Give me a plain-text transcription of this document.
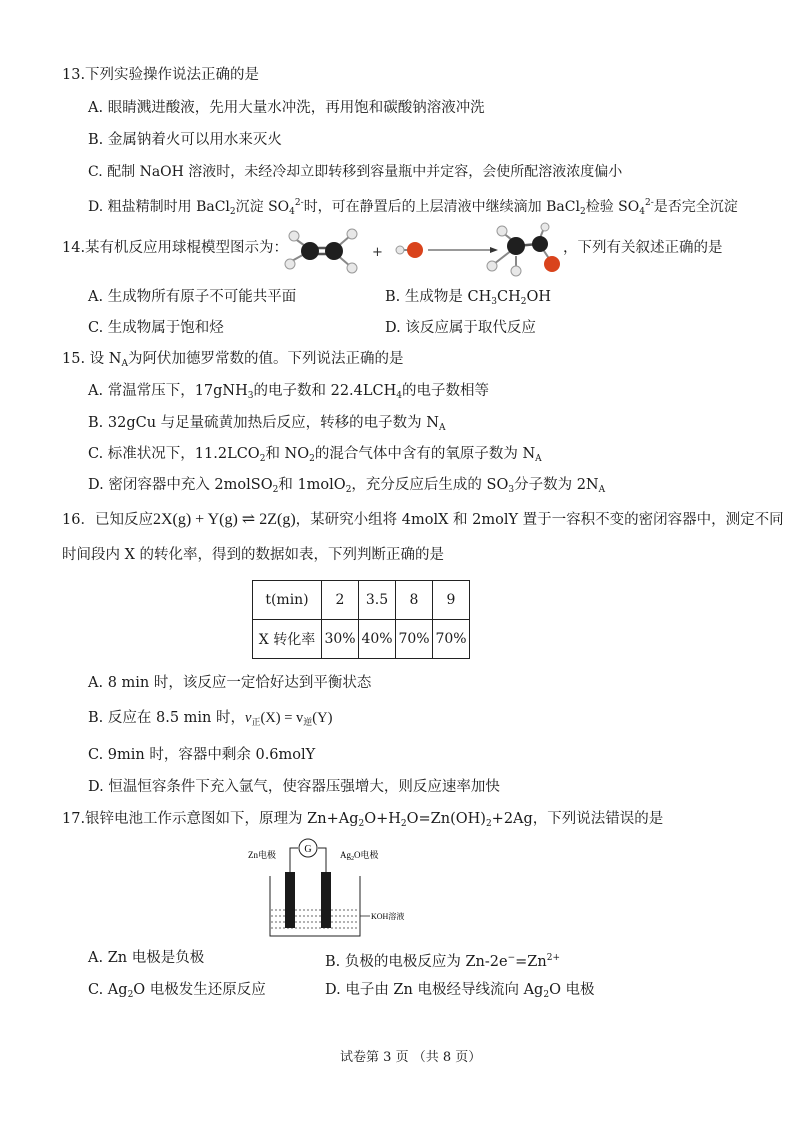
13.下列实验操作说法正确的是
A. 眼睛溅进酸液，先用大量水冲洗，再用饱和碳酸钠溶液冲洗
B. 金属钠着火可以用水来灭火
C. 配制 NaOH 溶液时，未经冷却立即转移到容量瓶中并定容，会使所配溶液浓度偏小
D. 粗盐精制时用 BaCl$_2$沉淀 $SO_4^{2-}$时，可在静置后的上层清液中继续滴加 BaCl$_2$检验 $SO_4^{2-}$是否完全沉淀
14.某有机反应用球棍模型图示为：	+	，下列有关叙述正确的是
A. 生成物所有原子不可能共平面	B. 生成物是 $CH_3CH_2OH$
C. 生成物属于饱和烃	D. 该反应属于取代反应
15. 设 $N_A$为阿伏加德罗常数的值。下列说法正确的是
A. 常温常压下，17gNH$_3$的电子数和 $22.4LCH_4$的电子数相等
B. 32gCu 与足量硫黄加热后反应，转移的电子数为 $N_A$
C. 标准状况下，$11.2LCO_2$和 $NO_2$的混合气体中含有的氧原子数为 $N_A$
D. 密闭容器中充入 2molSO$_2$和 1molO$_2$，充分反应后生成的 $SO_3$分子数为 $2N_A$
16．已知反应2X(g) + Y(g) ⇌ 2Z(g)，某研究小组将 4molX 和 2molY 置于一容积不变的密闭容器中，测定不同
时间段内 X 的转化率，得到的数据如表，下列判断正确的是
t(min)	2	3.5	8	9
X 转化率	30%	40%	70%	70%
A. 8 min 时，该反应一定恰好达到平衡状态
B. 反应在 8.5 min 时，$v_正(X) = v_逆(Y)$
C. 9min 时，容器中剩余 0.6molY
D. 恒温恒容条件下充入氩气，使容器压强增大，则反应速率加快
17.银锌电池工作示意图如下，原理为 $Zn+Ag_2O+H_2O=Zn(OH)_2+2Ag$，下列说法错误的是
G
Zn电极	$Ag_2O$电极
KOH溶液
A. Zn 电极是负极	B. 负极的电极反应为 $Zn-2e^-=Zn^{2+}$
C. $Ag_2O$ 电极发生还原反应	D. 电子由 Zn 电极经导线流向 $Ag_2O$ 电极
试卷第 3 页 （共 8 页）
